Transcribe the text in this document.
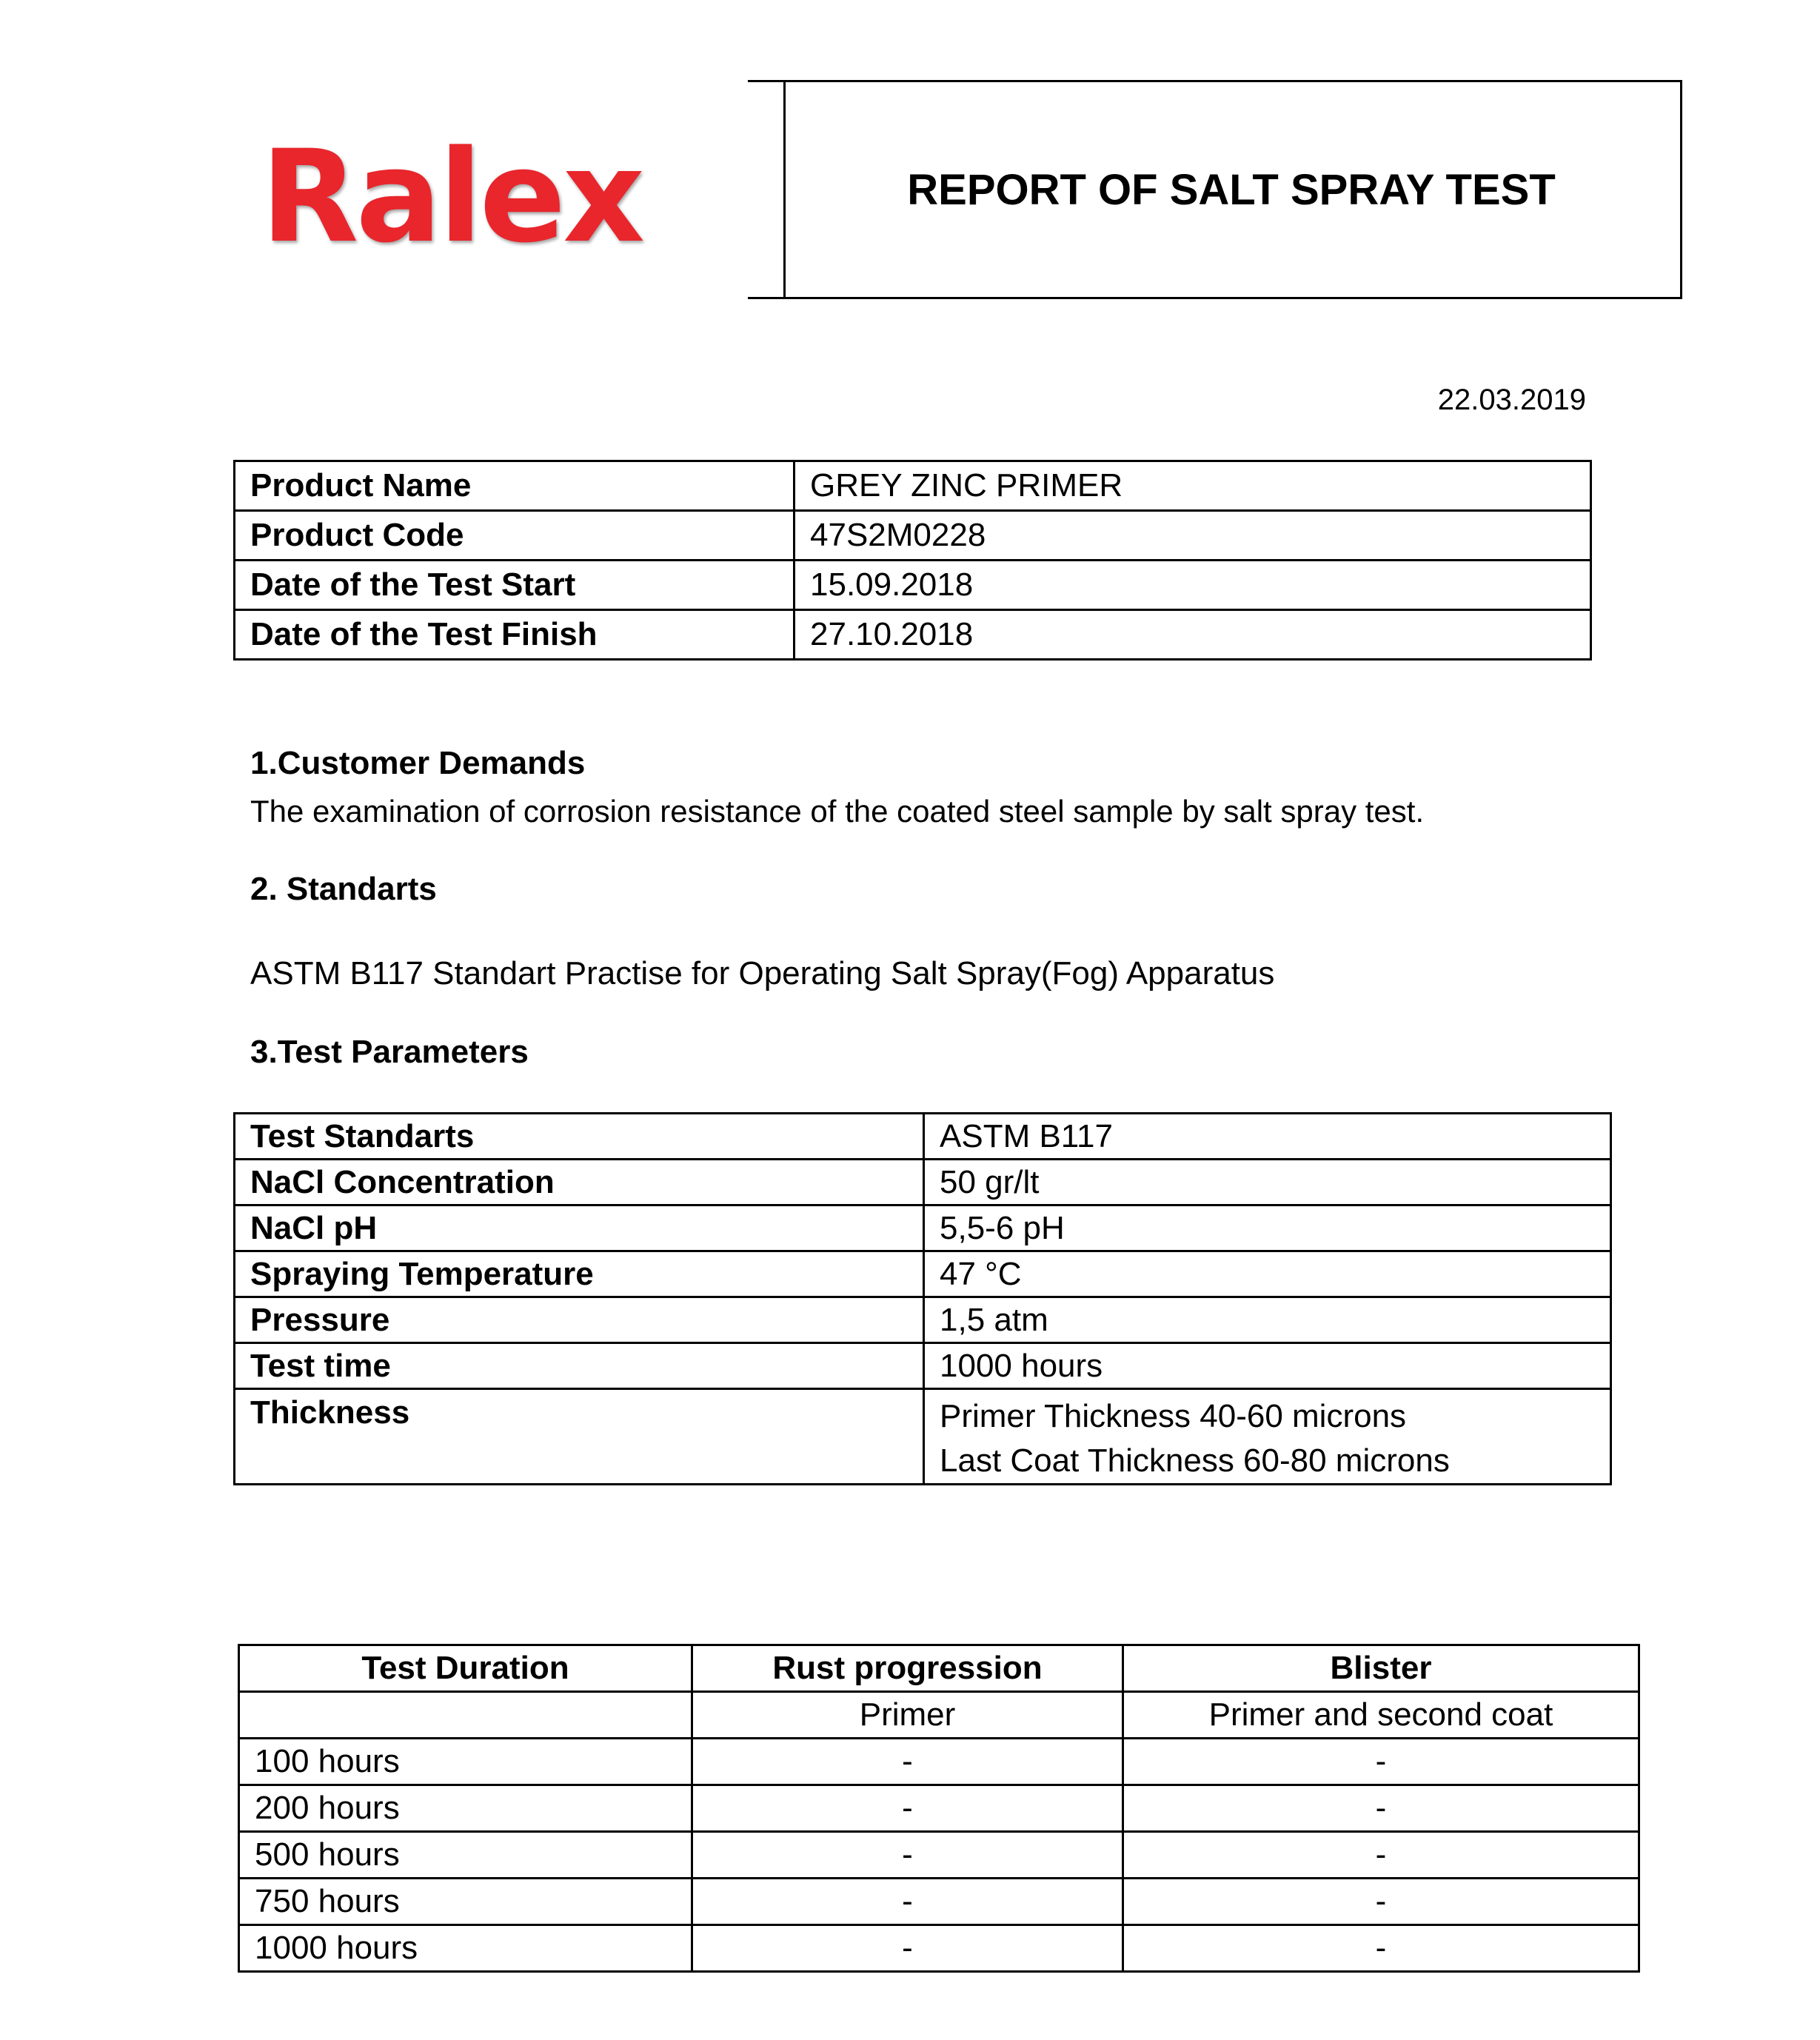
Ralex	REPORT OF SALT SPRAY TEST
22.03.2019
Product Name	GREY ZINC PRIMER
Product Code	47S2M0228
Date of the Test Start	15.09.2018
Date of the Test Finish	27.10.2018
1.Customer Demands
The examination of corrosion resistance of the coated steel sample by salt spray test.
2. Standarts
ASTM B117 Standart Practise for Operating Salt Spray(Fog) Apparatus
3.Test Parameters
Test Standarts	ASTM B117
NaCl Concentration	50 gr/lt
NaCl pH	5,5-6 pH
Spraying Temperature	47 °C
Pressure	1,5 atm
Test time	1000 hours
Thickness	Primer Thickness 40-60 microns
Last Coat Thickness 60-80 microns
Test Duration	Rust progression	Blister
	Primer	Primer and second coat
100 hours	-	-
200 hours	-	-
500 hours	-	-
750 hours	-	-
1000 hours	-	-
